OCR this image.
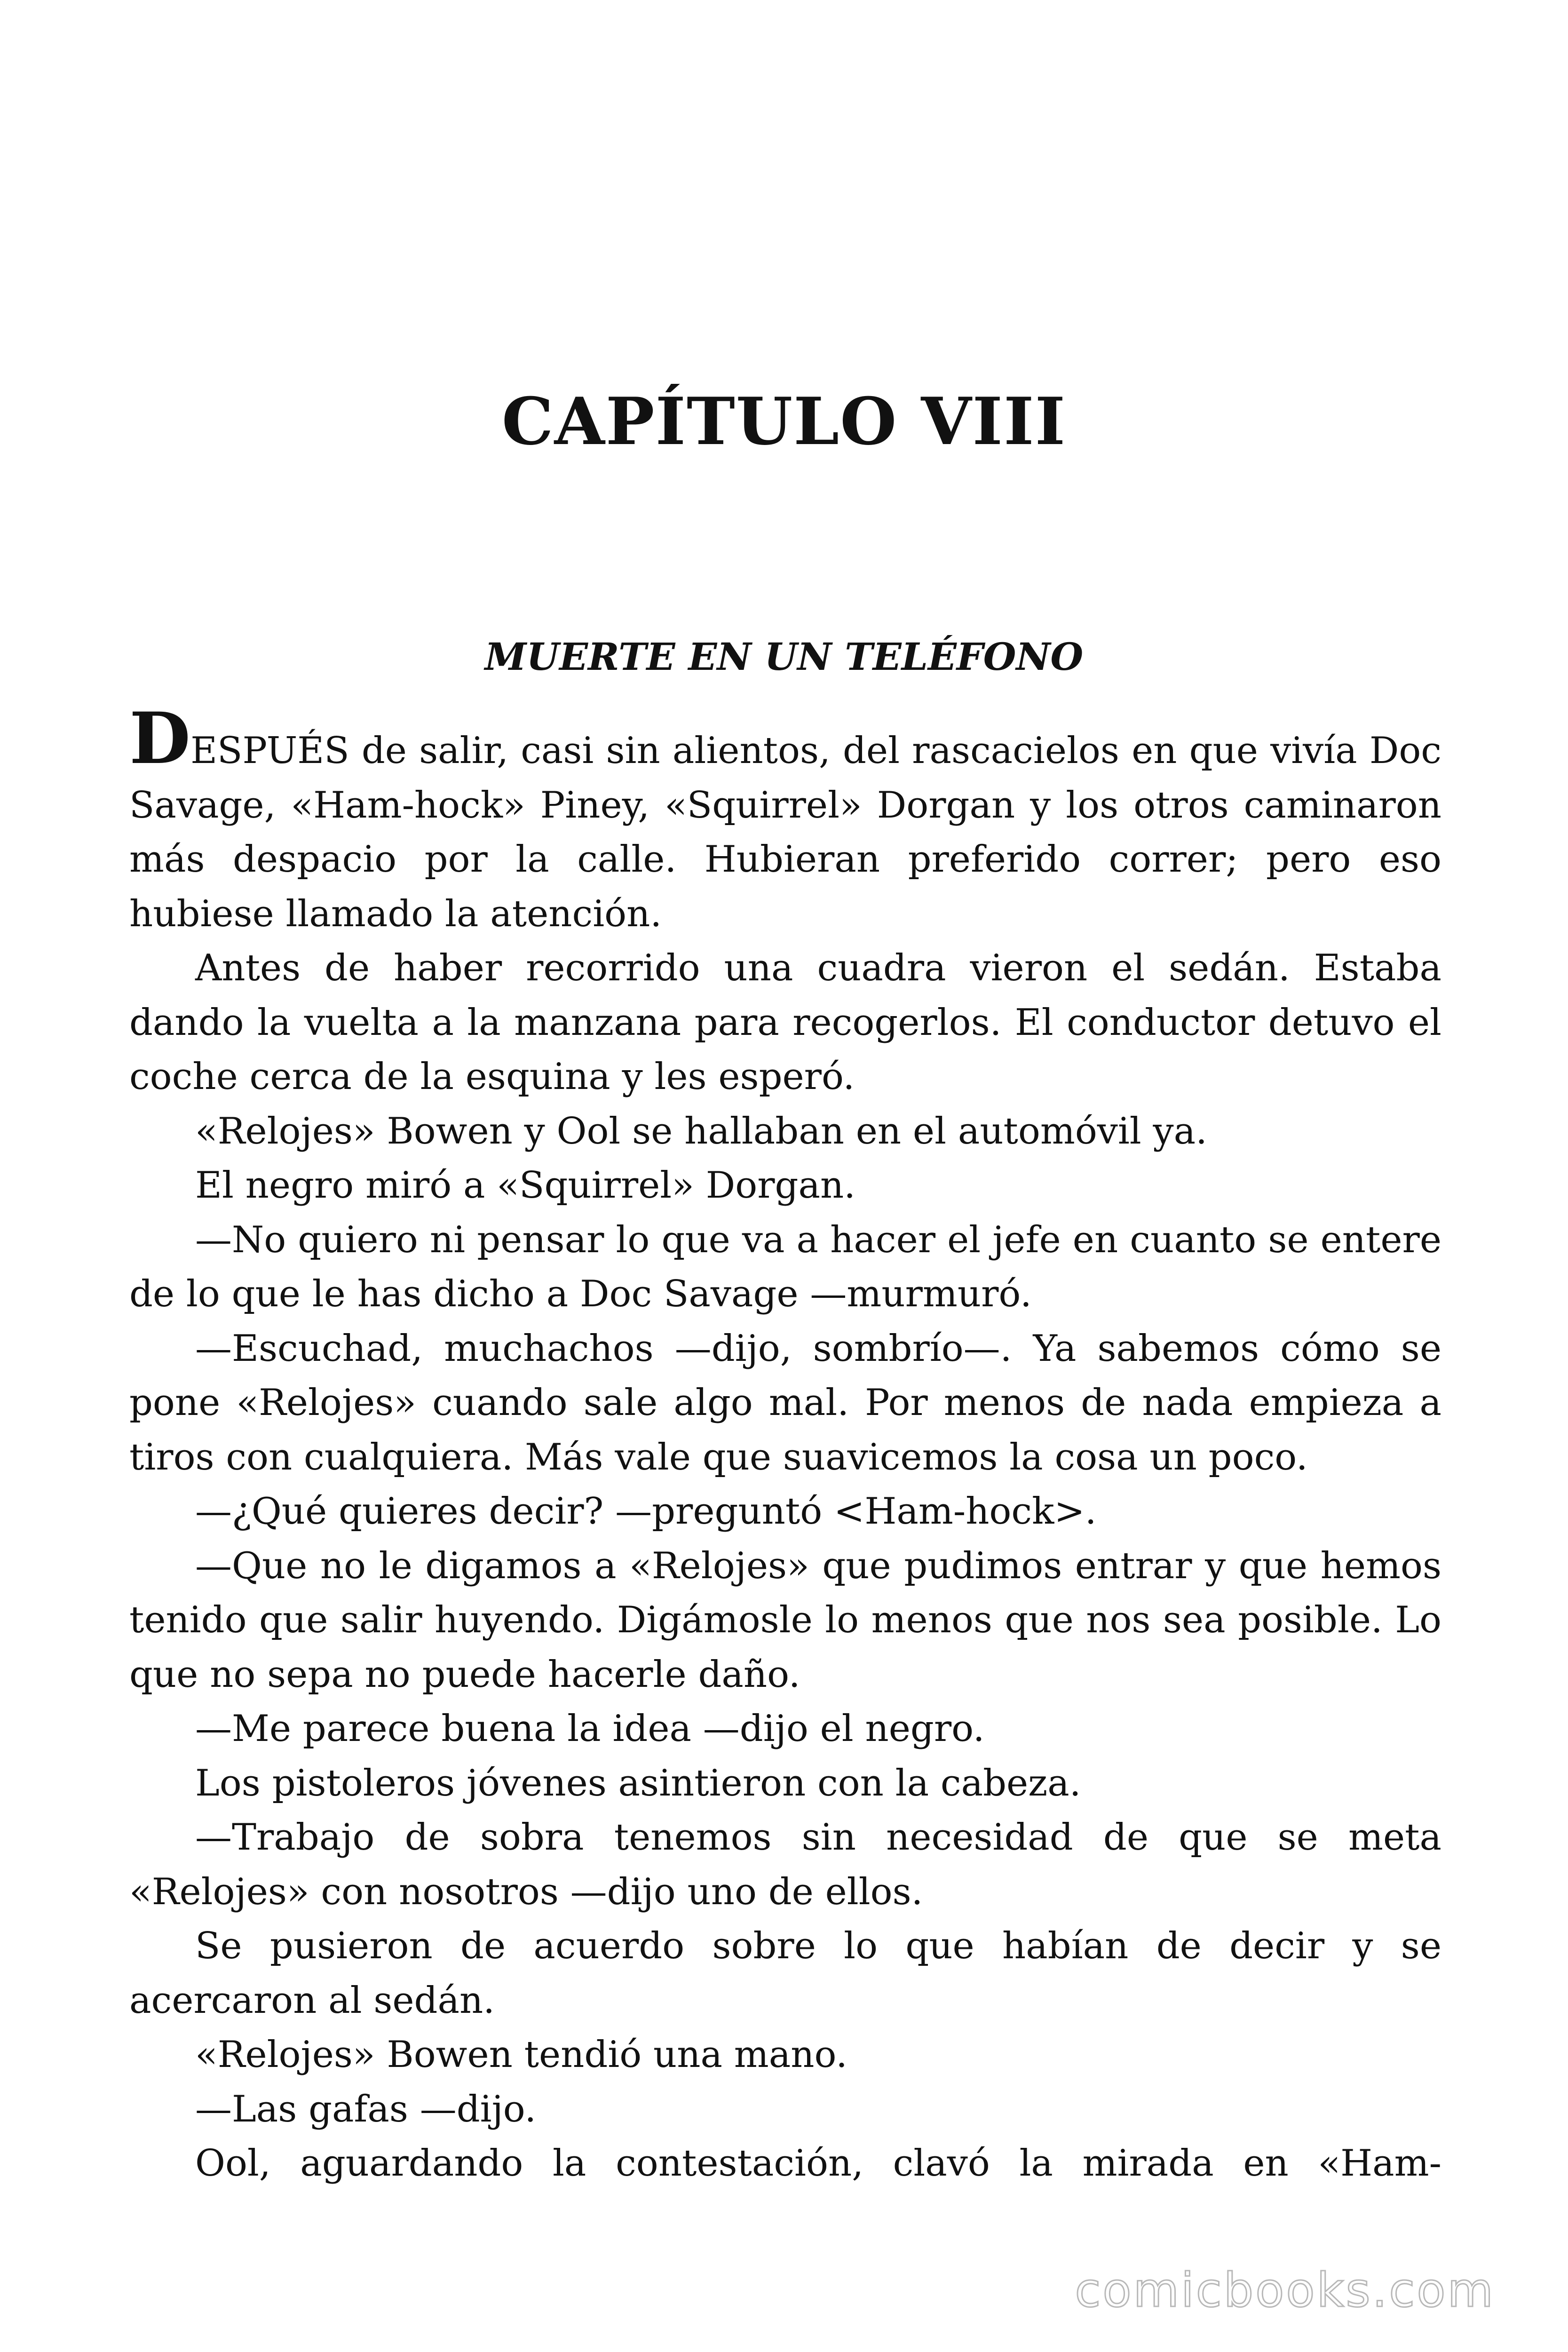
CAPÍTULO VIII
MUERTE EN UN TELÉFONO

DESPUÉS de salir, casi sin alientos, del rascacielos en que vivía Doc Savage, «Ham-hock» Piney, «Squirrel» Dorgan y los otros caminaron más despacio por la calle. Hubieran preferido correr; pero eso hubiese llamado la atención.

Antes de haber recorrido una cuadra vieron el sedán. Estaba dando la vuelta a la manzana para recogerlos. El conductor detuvo el coche cerca de la esquina y les esperó.

«Relojes» Bowen y Ool se hallaban en el automóvil ya.

El negro miró a «Squirrel» Dorgan.

—No quiero ni pensar lo que va a hacer el jefe en cuanto se entere de lo que le has dicho a Doc Savage —murmuró.

—Escuchad, muchachos —dijo, sombrío—. Ya sabemos cómo se pone «Relojes» cuando sale algo mal. Por menos de nada empieza a tiros con cualquiera. Más vale que suavicemos la cosa un poco.

—¿Qué quieres decir? —preguntó <Ham-hock>.

—Que no le digamos a «Relojes» que pudimos entrar y que hemos tenido que salir huyendo. Digámosle lo menos que nos sea posible. Lo que no sepa no puede hacerle daño.

—Me parece buena la idea —dijo el negro.

Los pistoleros jóvenes asintieron con la cabeza.

—Trabajo de sobra tenemos sin necesidad de que se meta «Relojes» con nosotros —dijo uno de ellos.

Se pusieron de acuerdo sobre lo que habían de decir y se acercaron al sedán.

«Relojes» Bowen tendió una mano.

—Las gafas —dijo.

Ool, aguardando la contestación, clavó la mirada en «Ham-

comicbooks.com
